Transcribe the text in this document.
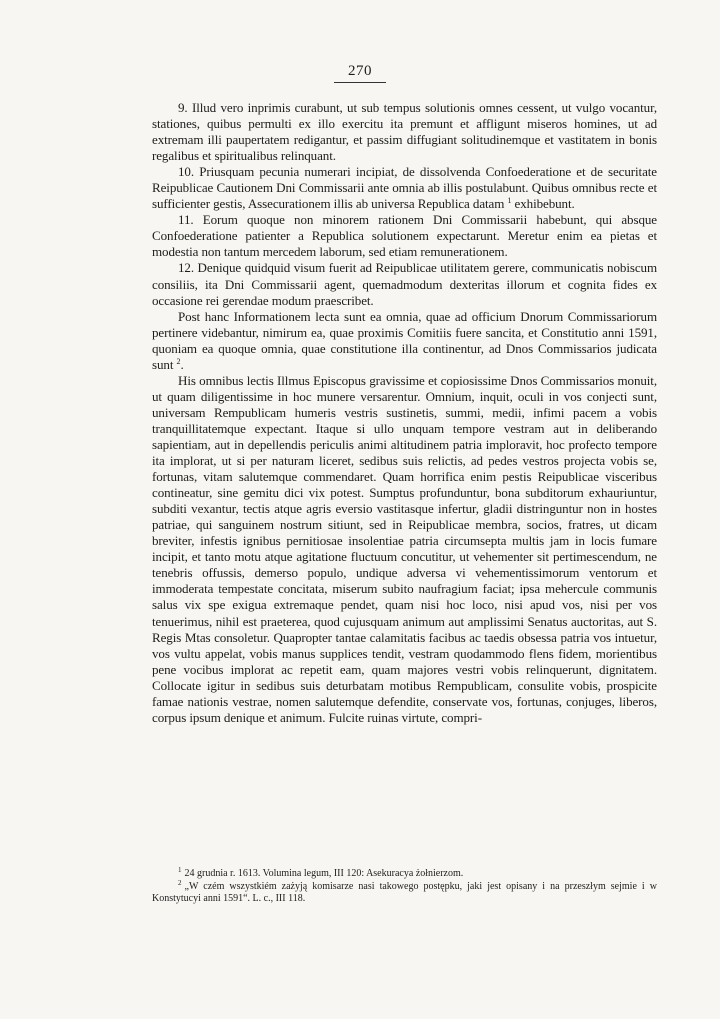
270

9. Illud vero inprimis curabunt, ut sub tempus solutionis omnes cessent, ut vulgo vocantur, stationes, quibus permulti ex illo exercitu ita premunt et affligunt miseros homines, ut ad extremam illi paupertatem redigantur, et passim diffugiant solitudinemque et vastitatem in bonis regalibus et spiritualibus relinquant.

10. Priusquam pecunia numerari incipiat, de dissolvenda Confoederatione et de securitate Reipublicae Cautionem Dni Commissarii ante omnia ab illis postulabunt. Quibus omnibus recte et sufficienter gestis, Assecurationem illis ab universa Republica datam $^1$ exhibebunt.

11. Eorum quoque non minorem rationem Dni Commissarii habebunt, qui absque Confoederatione patienter a Republica solutionem expectarunt. Meretur enim ea pietas et modestia non tantum mercedem laborum, sed etiam remunerationem.

12. Denique quidquid visum fuerit ad Reipublicae utilitatem gerere, communicatis nobiscum consiliis, ita Dni Commissarii agent, quemadmodum dexteritas illorum et cognita fides ex occasione rei gerendae modum praescribet.

Post hanc Informationem lecta sunt ea omnia, quae ad officium Dnorum Commissariorum pertinere videbantur, nimirum ea, quae proximis Comitiis fuere sancita, et Constitutio anni 1591, quoniam ea quoque omnia, quae constitutione illa continentur, ad Dnos Commissarios judicata sunt $^2$.

His omnibus lectis Illmus Episcopus gravissime et copiosissime Dnos Commissarios monuit, ut quam diligentissime in hoc munere versarentur. Omnium, inquit, oculi in vos conjecti sunt, universam Rempublicam humeris vestris sustinetis, summi, medii, infimi pacem a vobis tranquillitatemque expectant. Itaque si ullo unquam tempore vestram aut in deliberando sapientiam, aut in depellendis periculis animi altitudinem patria imploravit, hoc profecto tempore ita implorat, ut si per naturam liceret, sedibus suis relictis, ad pedes vestros projecta vobis se, fortunas, vitam salutemque commendaret. Quam horrifica enim pestis Reipublicae visceribus contineatur, sine gemitu dici vix potest. Sumptus profunduntur, bona subditorum exhauriuntur, subditi vexantur, tectis atque agris eversio vastitasque infertur, gladii distringuntur non in hostes patriae, qui sanguinem nostrum sitiunt, sed in Reipublicae membra, socios, fratres, ut dicam breviter, infestis ignibus pernitiosae insolentiae patria circumsepta multis jam in locis fumare incipit, et tanto motu atque agitatione fluctuum concutitur, ut vehementer sit pertimescendum, ne tenebris offussis, demerso populo, undique adversa vi vehementissimorum ventorum et immoderata tempestate concitata, miserum subito naufragium faciat; ipsa mehercule communis salus vix spe exigua extremaque pendet, quam nisi hoc loco, nisi apud vos, nisi per vos tenuerimus, nihil est praeterea, quod cujusquam animum aut amplissimi Senatus auctoritas, aut S. Regis Mtas consoletur. Quapropter tantae calamitatis facibus ac taedis obsessa patria vos intuetur, vos vultu appelat, vobis manus supplices tendit, vestram quodammodo flens fidem, morientibus pene vocibus implorat ac repetit eam, quam majores vestri vobis relinquerunt, dignitatem. Collocate igitur in sedibus suis deturbatam motibus Rempublicam, consulite vobis, prospicite famae nationis vestrae, nomen salutemque defendite, conservate vos, fortunas, conjuges, liberos, corpus ipsum denique et animum. Fulcite ruinas virtute, compri-

$^1$ 24 grudnia r. 1613. Volumina legum, III 120: Asekuracya żołnierzom.

$^2$ „W czém wszystkiém zażyją komisarze nasi takowego postępku, jaki jest opisany i na przeszłym sejmie i w Konstytucyi anni 1591“. L. c., III 118.
